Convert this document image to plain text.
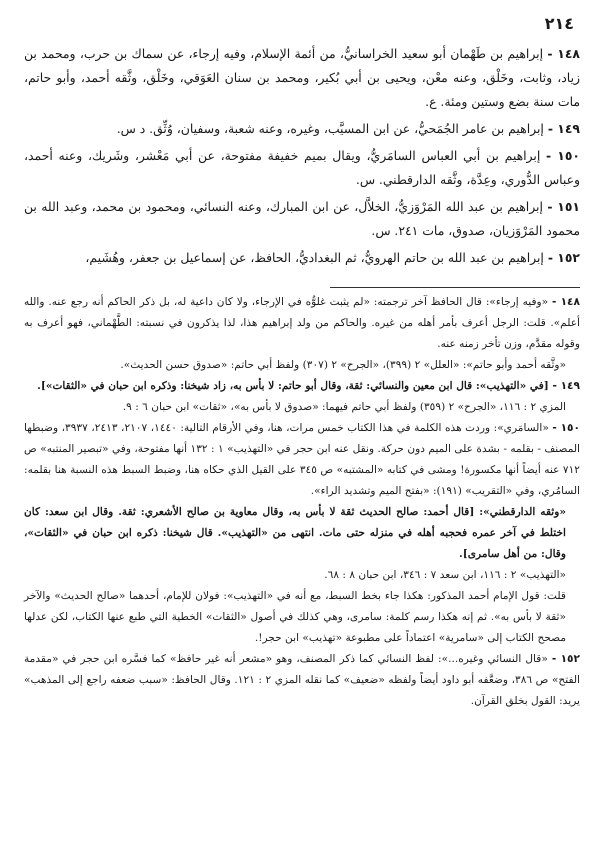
٢١٤

١٤٨ - إبراهيم بن طَهْمان أبو سعيد الخراسانيُّ، من أئمة الإسلام، وفيه إرجاء، عن سماك بن حرب، ومحمد بن زياد، وثابت، وخَلْق، وعنه معْن، ويحيى بن أبي بُكير، ومحمد بن سنان العَوَقي، وخَلْق، وثَّقه أحمد، وأبو حاتم، مات سنة بضع وستين ومئة. ع.

١٤٩ - إبراهيم بن عامر الجُمَحيُّ، عن ابن المسيَّب، وغيره، وعنه شعبة، وسفيان، وُثِّق. د س.

١٥٠ - إبراهيم بن أبي العباس السامَريُّ، ويقال بميم خفيفة مفتوحة، عن أبي مَعْشر، وشَريك، وعنه أحمد، وعباس الدُّوري، وعِدَّة، وثَّقه الدارقطني. س.

١٥١ - إبراهيم بن عبد الله المَرْوَزيُّ، الخلاَّل، عن ابن المبارك، وعنه النسائي، ومحمود بن محمد، وعبد الله بن محمود المَرْوَزيان، صدوق، مات ٢٤١. س.

١٥٢ - إبراهيم بن عبد الله بن حاتم الهرويُّ، ثم البغداديُّ، الحافظ، عن إسماعيل بن جعفر، وهُشَيم،

١٤٨ - «وفيه إرجاء»: قال الحافظ آخر ترجمته: «لم يثبت غلوُّه في الإرجاء، ولا كان داعية له، بل ذكر الحاكم أنه رجع عنه. والله أعلم». قلت: الرجل أعرف بأمر أهله من غيره. والحاكم من ولد إبراهيم هذا، لذا يذكرون في نسبته: الطَّهْماني، فهو أعرف به وقوله مقدَّم، وزن تأخر زمنه عنه.

«وثَّقه أحمد وأبو حاتم»: «العلل» ٢ (٣٩٩)، «الجرح» ٢ (٣٠٧) ولفظ أبي حاتم: «صدوق حسن الحديث».

١٤٩ - [في «التهذيب»: قال ابن معين والنسائي: ثقة، وقال أبو حاتم: لا بأس به، زاد شيخنا: وذكره ابن حبان في «الثقات»].

المزي ٢ : ١١٦، «الجرح» ٢ (٣٥٩) ولفظ أبي حاتم فيهما: «صدوق لا بأس به»، «ثقات» ابن حبان ٦ : ٩.

١٥٠ - «السامَري»: وردت هذه الكلمة في هذا الكتاب خمس مرات، هنا، وفي الأرقام التالية: ١٤٤٠، ٢١٠٧، ٢٤١٣، ٣٩٣٧، وضبطها المصنف - بقلمه - بشدة على الميم دون حركة. ونقل عنه ابن حجر في «التهذيب» ١ : ١٣٢ أنها مفتوحة، وفي «تبصير المنتبه» ص ٧١٢ عنه أيضاً أنها مكسورة! ومشى في كتابه «المشتبه» ص ٣٤٥ على القيل الذي حكاه هنا، وضبط السبط هذه النسبة هنا بقلمه: السامُري، وفي «التقريب» (١٩١): «بفتح الميم وتشديد الراء».

«وثقه الدارقطني»: [قال أحمد: صالح الحديث ثقة لا بأس به، وقال معاوية بن صالح الأشعري: ثقة. وقال ابن سعد: كان اختلط في آخر عمره فحجبه أهله في منزله حتى مات. انتهى من «التهذيب». قال شيخنا: ذكره ابن حبان في «الثقات»، وقال: من أهل سامرى].

«التهذيب» ٢ : ١١٦، ابن سعد ٧ : ٣٤٦، ابن حبان ٨ : ٦٨.

قلت: قول الإمام أحمد المذكور: هكذا جاء بخط السبط، مع أنه في «التهذيب»: فولان للإمام، أحدهما «صالح الحديث» والآخر «ثقة لا بأس به». ثم إنه هكذا رسم كلمة: سامرى، وهي كذلك في أصول «الثقات» الخطية التي طبع عنها الكتاب، لكن عدلها مصحح الكتاب إلى «سامرية» اعتماداً على مطبوعة «تهذيب» ابن حجر!.

١٥٢ - «قال النسائي وغيره...»: لفظ النسائي كما ذكر المصنف، وهو «مشعر أنه غير حافظ» كما فسَّره ابن حجر في «مقدمة الفتح» ص ٣٨٦، وضعَّفه أبو داود أيضاً ولفظه «ضعيف» كما نقله المزي ٢ : ١٢١. وقال الحافظ: «سبب ضعفه راجع إلى المذهب» يريد: القول بخلق القرآن.
